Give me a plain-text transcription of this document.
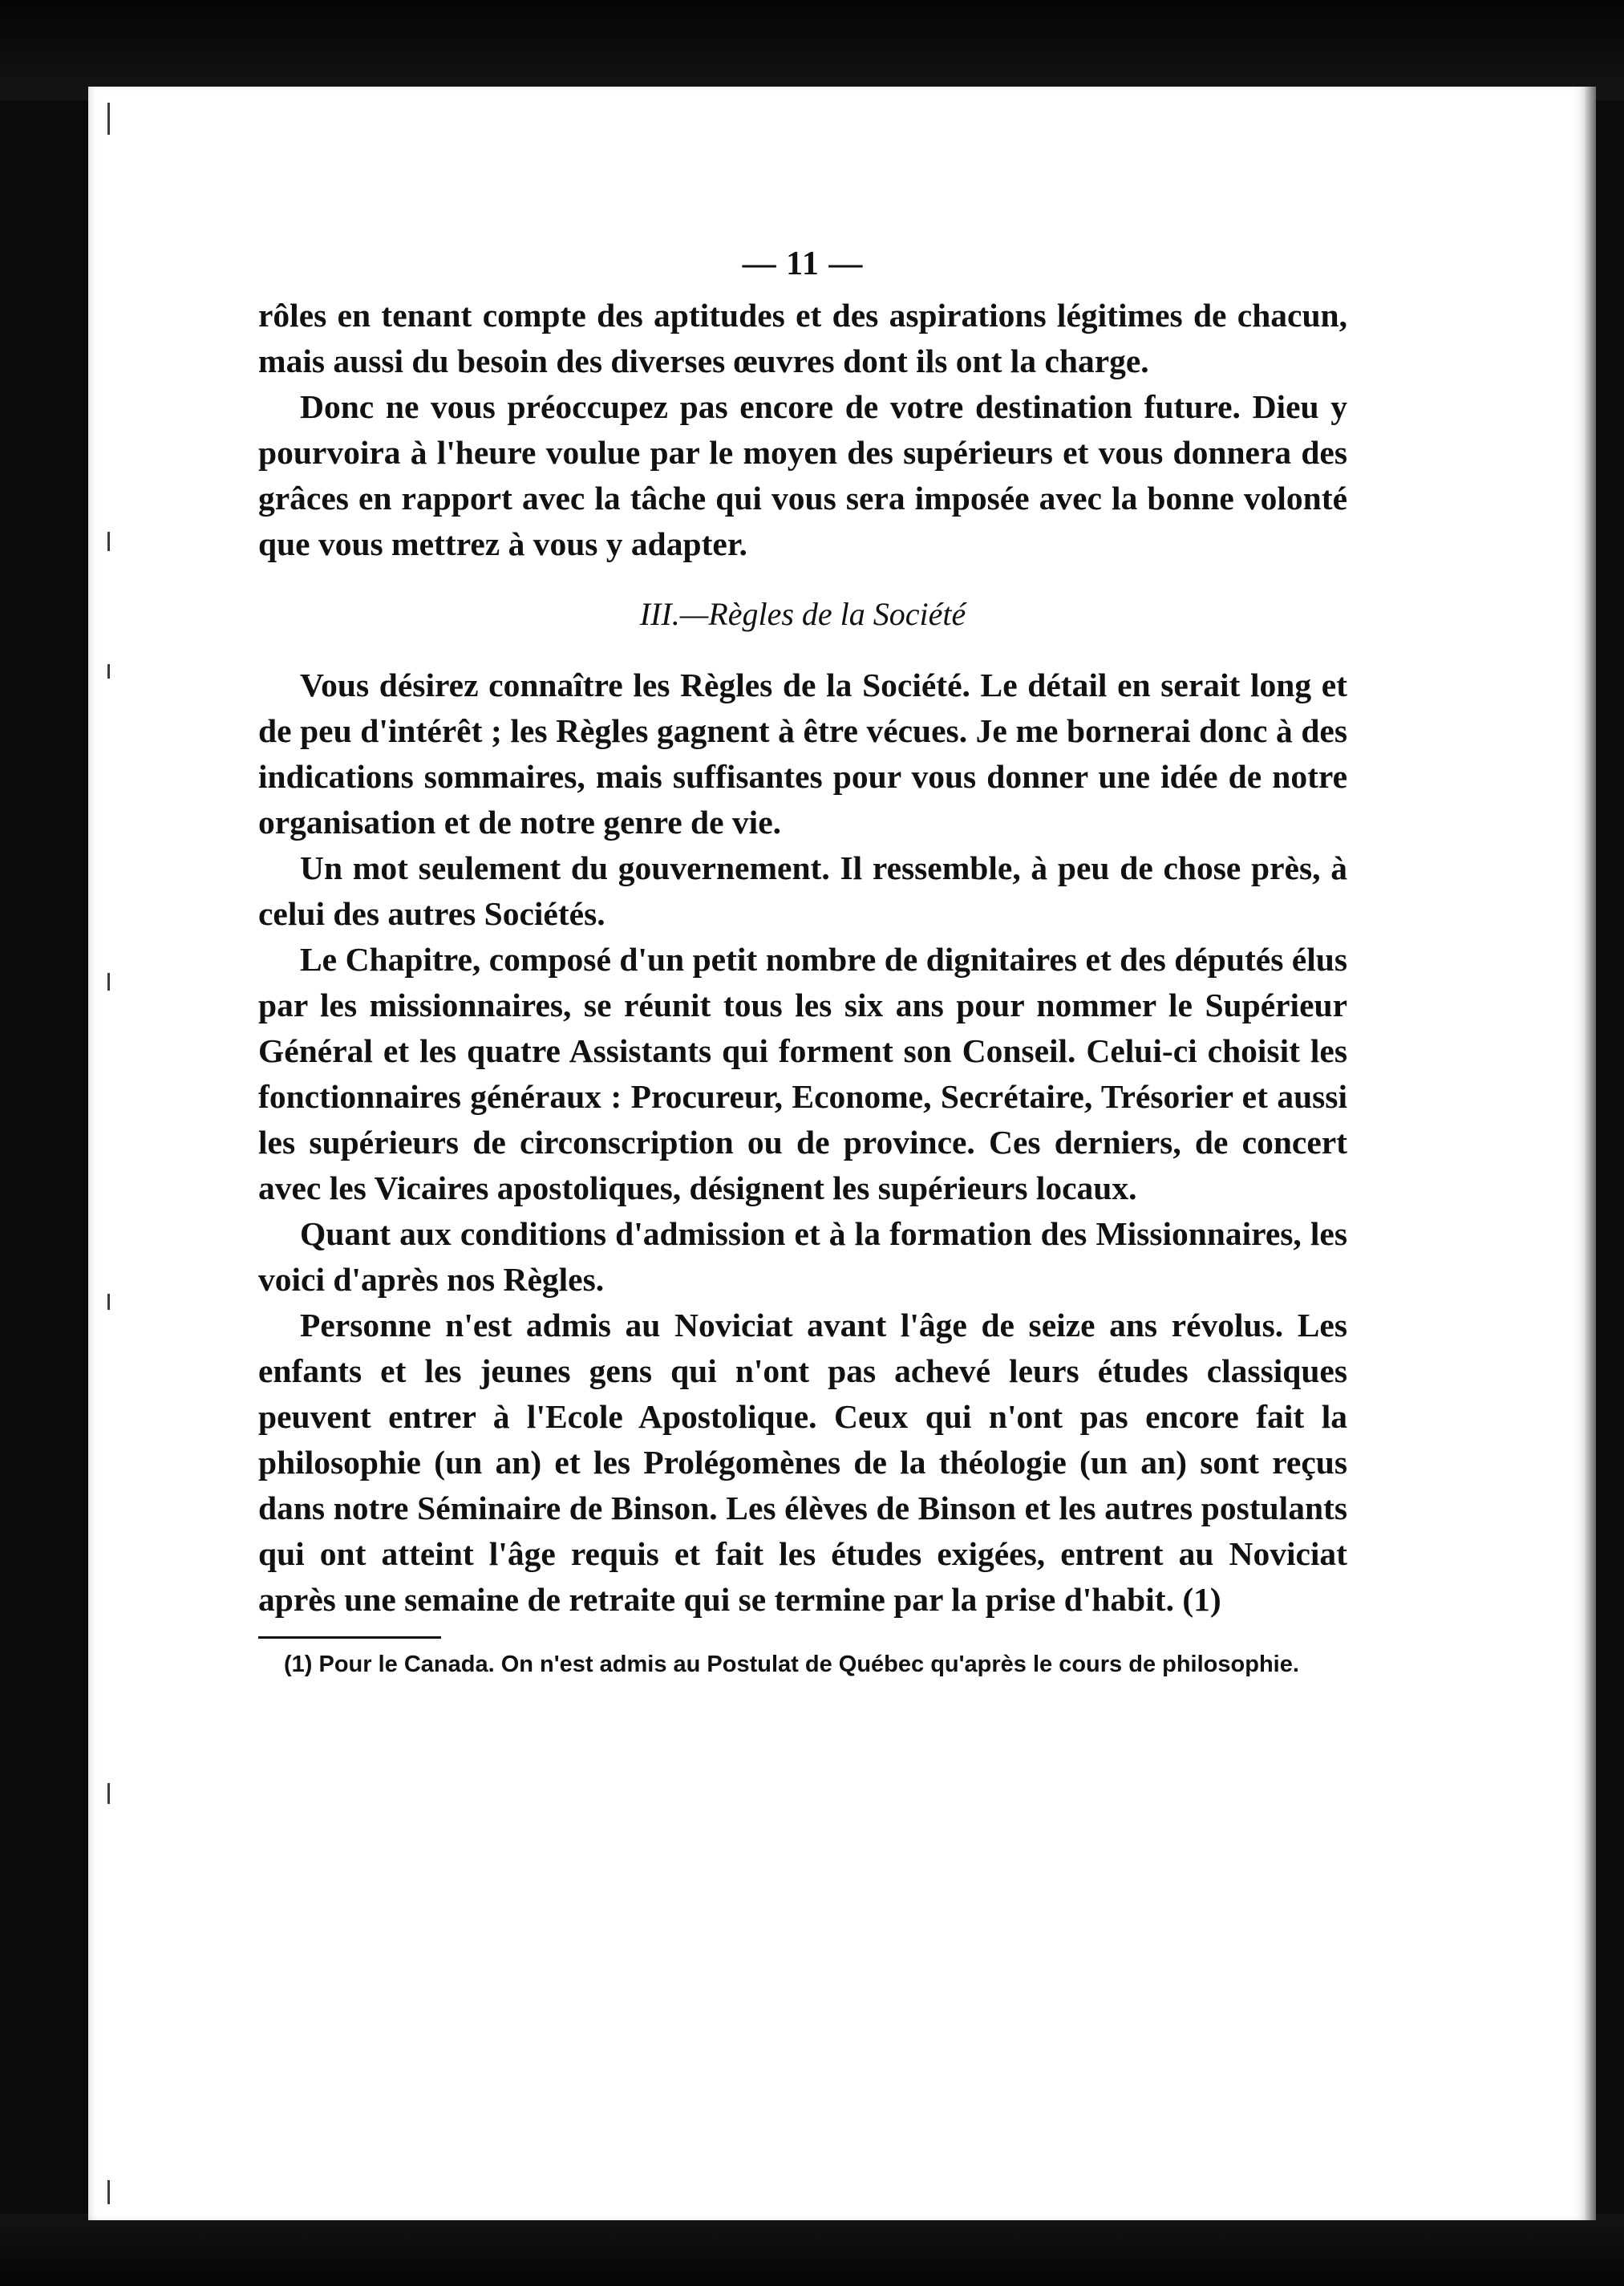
— 11 —

rôles en tenant compte des aptitudes et des aspirations légitimes de chacun, mais aussi du besoin des diverses œuvres dont ils ont la charge.

Donc ne vous préoccupez pas encore de votre destination future. Dieu y pourvoira à l'heure voulue par le moyen des supérieurs et vous donnera des grâces en rapport avec la tâche qui vous sera imposée avec la bonne volonté que vous mettrez à vous y adapter.

III.—Règles de la Société

Vous désirez connaître les Règles de la Société. Le détail en serait long et de peu d'intérêt ; les Règles gagnent à être vécues. Je me bornerai donc à des indications sommaires, mais suffisantes pour vous donner une idée de notre organisation et de notre genre de vie.

Un mot seulement du gouvernement. Il ressemble, à peu de chose près, à celui des autres Sociétés.

Le Chapitre, composé d'un petit nombre de dignitaires et des députés élus par les missionnaires, se réunit tous les six ans pour nommer le Supérieur Général et les quatre Assistants qui forment son Conseil. Celui-ci choisit les fonctionnaires généraux : Procureur, Econome, Secrétaire, Trésorier et aussi les supérieurs de circonscription ou de province. Ces derniers, de concert avec les Vicaires apostoliques, désignent les supérieurs locaux.

Quant aux conditions d'admission et à la formation des Missionnaires, les voici d'après nos Règles.

Personne n'est admis au Noviciat avant l'âge de seize ans révolus. Les enfants et les jeunes gens qui n'ont pas achevé leurs études classiques peuvent entrer à l'Ecole Apostolique. Ceux qui n'ont pas encore fait la philosophie (un an) et les Prolégomènes de la théologie (un an) sont reçus dans notre Séminaire de Binson. Les élèves de Binson et les autres postulants qui ont atteint l'âge requis et fait les études exigées, entrent au Noviciat après une semaine de retraite qui se termine par la prise d'habit. (1)

(1) Pour le Canada. On n'est admis au Postulat de Québec qu'après le cours de philosophie.
